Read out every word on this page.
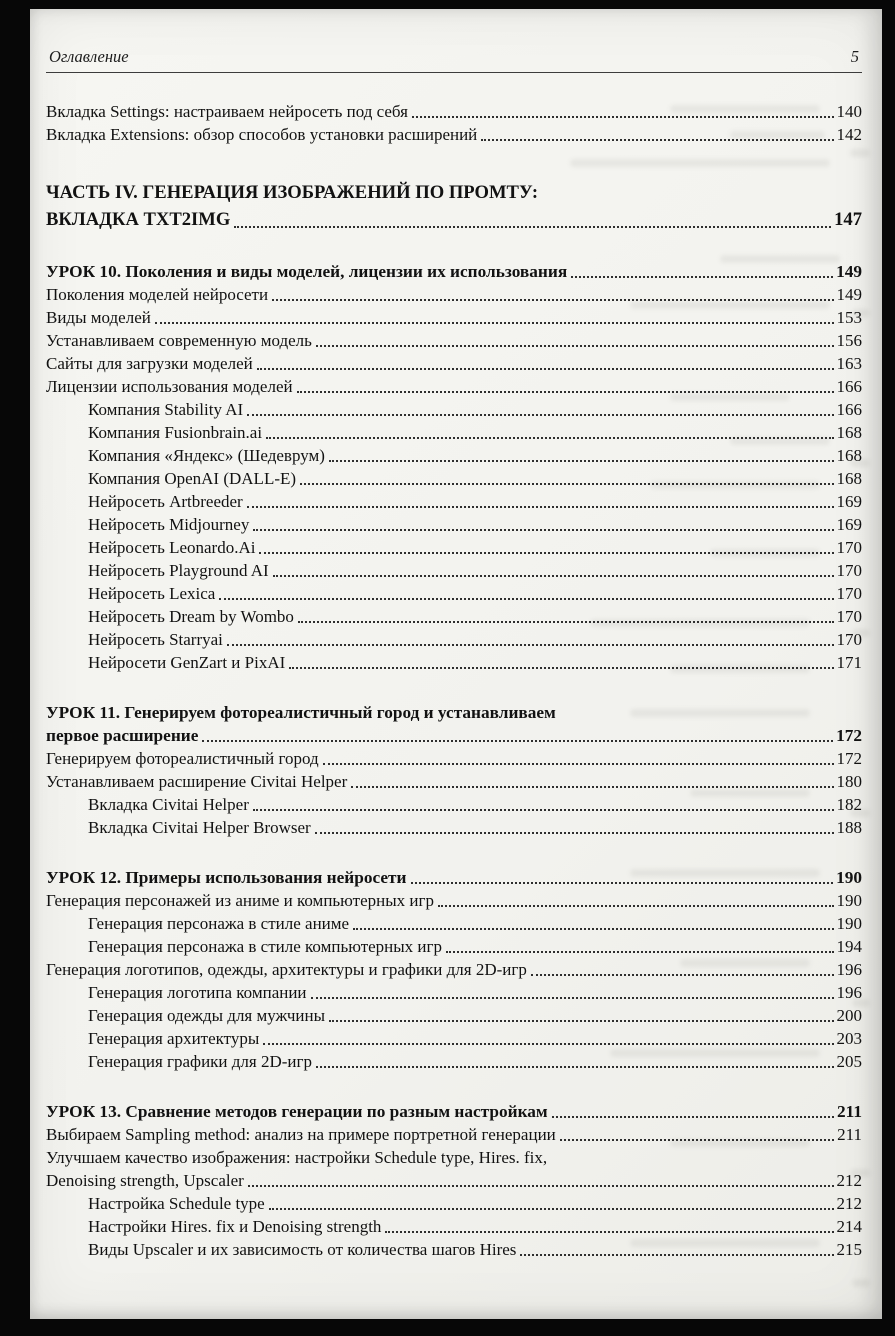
Оглавление	5
Вкладка Settings: настраиваем нейросеть под себя	140
Вкладка Extensions: обзор способов установки расширений	142
ЧАСТЬ IV. ГЕНЕРАЦИЯ ИЗОБРАЖЕНИЙ ПО ПРОМТУ:
ВКЛАДКА TXT2IMG	147
УРОК 10. Поколения и виды моделей, лицензии их использования	149
Поколения моделей нейросети	149
Виды моделей	153
Устанавливаем современную модель	156
Сайты для загрузки моделей	163
Лицензии использования моделей	166
Компания Stability AI	166
Компания Fusionbrain.ai	168
Компания «Яндекс» (Шедеврум)	168
Компания OpenAI (DALL-E)	168
Нейросеть Artbreeder	169
Нейросеть Midjourney	169
Нейросеть Leonardo.Ai	170
Нейросеть Playground AI	170
Нейросеть Lexica	170
Нейросеть Dream by Wombo	170
Нейросеть Starryai	170
Нейросети GenZart и PixAI	171
УРОК 11. Генерируем фотореалистичный город и устанавливаем
первое расширение	172
Генерируем фотореалистичный город	172
Устанавливаем расширение Civitai Helper	180
Вкладка Civitai Helper	182
Вкладка Civitai Helper Browser	188
УРОК 12. Примеры использования нейросети	190
Генерация персонажей из аниме и компьютерных игр	190
Генерация персонажа в стиле аниме	190
Генерация персонажа в стиле компьютерных игр	194
Генерация логотипов, одежды, архитектуры и графики для 2D-игр	196
Генерация логотипа компании	196
Генерация одежды для мужчины	200
Генерация архитектуры	203
Генерация графики для 2D-игр	205
УРОК 13. Сравнение методов генерации по разным настройкам	211
Выбираем Sampling method: анализ на примере портретной генерации	211
Улучшаем качество изображения: настройки Schedule type, Hires. fix,
Denoising strength, Upscaler	212
Настройка Schedule type	212
Настройки Hires. fix и Denoising strength	214
Виды Upscaler и их зависимость от количества шагов Hires	215
